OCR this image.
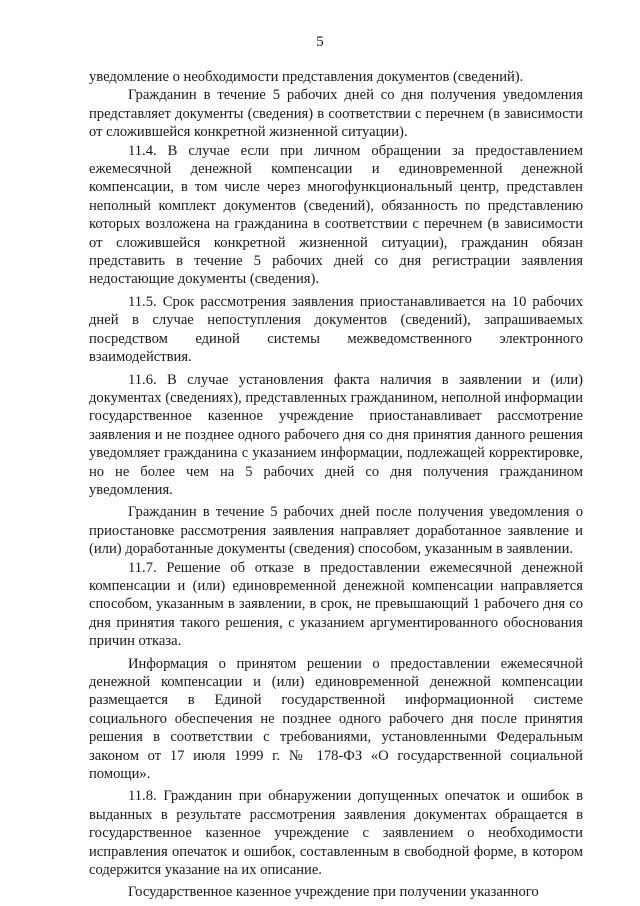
5

уведомление о необходимости представления документов (сведений).

Гражданин в течение 5 рабочих дней со дня получения уведомления представляет документы (сведения) в соответствии с перечнем (в зависимости от сложившейся конкретной жизненной ситуации).

11.4. В случае если при личном обращении за предоставлением ежемесячной денежной компенсации и единовременной денежной компенсации, в том числе через многофункциональный центр, представлен неполный комплект документов (сведений), обязанность по представлению которых возложена на гражданина в соответствии с перечнем (в зависимости от сложившейся конкретной жизненной ситуации), гражданин обязан представить в течение 5 рабочих дней со дня регистрации заявления недостающие документы (сведения).

11.5. Срок рассмотрения заявления приостанавливается на 10 рабочих дней в случае непоступления документов (сведений), запрашиваемых посредством единой системы межведомственного электронного взаимодействия.

11.6. В случае установления факта наличия в заявлении и (или) документах (сведениях), представленных гражданином, неполной информации государственное казенное учреждение приостанавливает рассмотрение заявления и не позднее одного рабочего дня со дня принятия данного решения уведомляет гражданина с указанием информации, подлежащей корректировке, но не более чем на 5 рабочих дней со дня получения гражданином уведомления.

Гражданин в течение 5 рабочих дней после получения уведомления о приостановке рассмотрения заявления направляет доработанное заявление и (или) доработанные документы (сведения) способом, указанным в заявлении.

11.7. Решение об отказе в предоставлении ежемесячной денежной компенсации и (или) единовременной денежной компенсации направляется способом, указанным в заявлении, в срок, не превышающий 1 рабочего дня со дня принятия такого решения, с указанием аргументированного обоснования причин отказа.

Информация о принятом решении о предоставлении ежемесячной денежной компенсации и (или) единовременной денежной компенсации размещается в Единой государственной информационной системе социального обеспечения не позднее одного рабочего дня после принятия решения в соответствии с требованиями, установленными Федеральным законом от 17 июля 1999 г. № 178-ФЗ «О государственной социальной помощи».

11.8. Гражданин при обнаружении допущенных опечаток и ошибок в выданных в результате рассмотрения заявления документах обращается в государственное казенное учреждение с заявлением о необходимости исправления опечаток и ошибок, составленным в свободной форме, в котором содержится указание на их описание.

Государственное казенное учреждение при получении указанного
